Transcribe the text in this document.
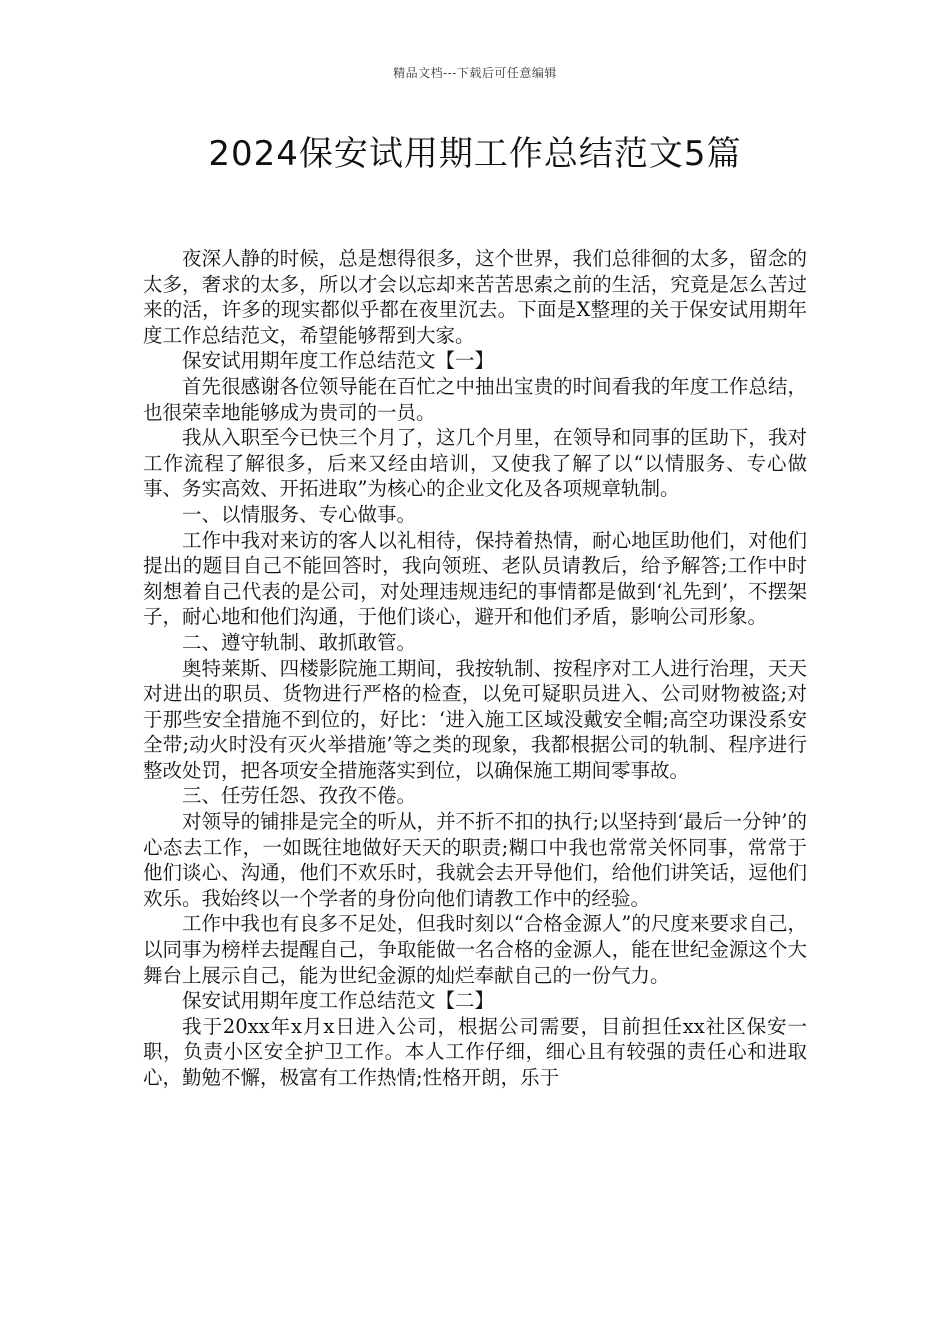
精品文档---下载后可任意编辑
2024保安试用期工作总结范文5篇

夜深人静的时候，总是想得很多，这个世界，我们总徘徊的太多，留念的太多，奢求的太多，所以才会以忘却来苦苦思索之前的生活，究竟是怎么苦过来的活，许多的现实都似乎都在夜里沉去。下面是X整理的关于保安试用期年度工作总结范文，希望能够帮到大家。

保安试用期年度工作总结范文【一】

首先很感谢各位领导能在百忙之中抽出宝贵的时间看我的年度工作总结，也很荣幸地能够成为贵司的一员。

我从入职至今已快三个月了，这几个月里，在领导和同事的匡助下，我对工作流程了解很多，后来又经由培训，又使我了解了以“以情服务、专心做事、务实高效、开拓进取”为核心的企业文化及各项规章轨制。

一、以情服务、专心做事。

工作中我对来访的客人以礼相待，保持着热情，耐心地匡助他们，对他们提出的题目自己不能回答时，我向领班、老队员请教后，给予解答;工作中时刻想着自己代表的是公司，对处理违规违纪的事情都是做到‘礼先到’，不摆架子，耐心地和他们沟通，于他们谈心，避开和他们矛盾，影响公司形象。

二、遵守轨制、敢抓敢管。

奥特莱斯、四楼影院施工期间，我按轨制、按程序对工人进行治理，天天对进出的职员、货物进行严格的检查，以免可疑职员进入、公司财物被盗;对于那些安全措施不到位的，好比：‘进入施工区域没戴安全帽;高空功课没系安全带;动火时没有灭火举措施’等之类的现象，我都根据公司的轨制、程序进行整改处罚，把各项安全措施落实到位，以确保施工期间零事故。

三、任劳任怨、孜孜不倦。

对领导的铺排是完全的听从，并不折不扣的执行;以坚持到‘最后一分钟’的心态去工作，一如既往地做好天天的职责;糊口中我也常常关怀同事，常常于他们谈心、沟通，他们不欢乐时，我就会去开导他们，给他们讲笑话，逗他们欢乐。我始终以一个学者的身份向他们请教工作中的经验。

工作中我也有良多不足处，但我时刻以“合格金源人”的尺度来要求自己，以同事为榜样去提醒自己，争取能做一名合格的金源人，能在世纪金源这个大舞台上展示自己，能为世纪金源的灿烂奉献自己的一份气力。

保安试用期年度工作总结范文【二】

我于20xx年x月x日进入公司，根据公司需要，目前担任xx社区保安一职，负责小区安全护卫工作。本人工作仔细，细心且有较强的责任心和进取心，勤勉不懈，极富有工作热情;性格开朗，乐于
